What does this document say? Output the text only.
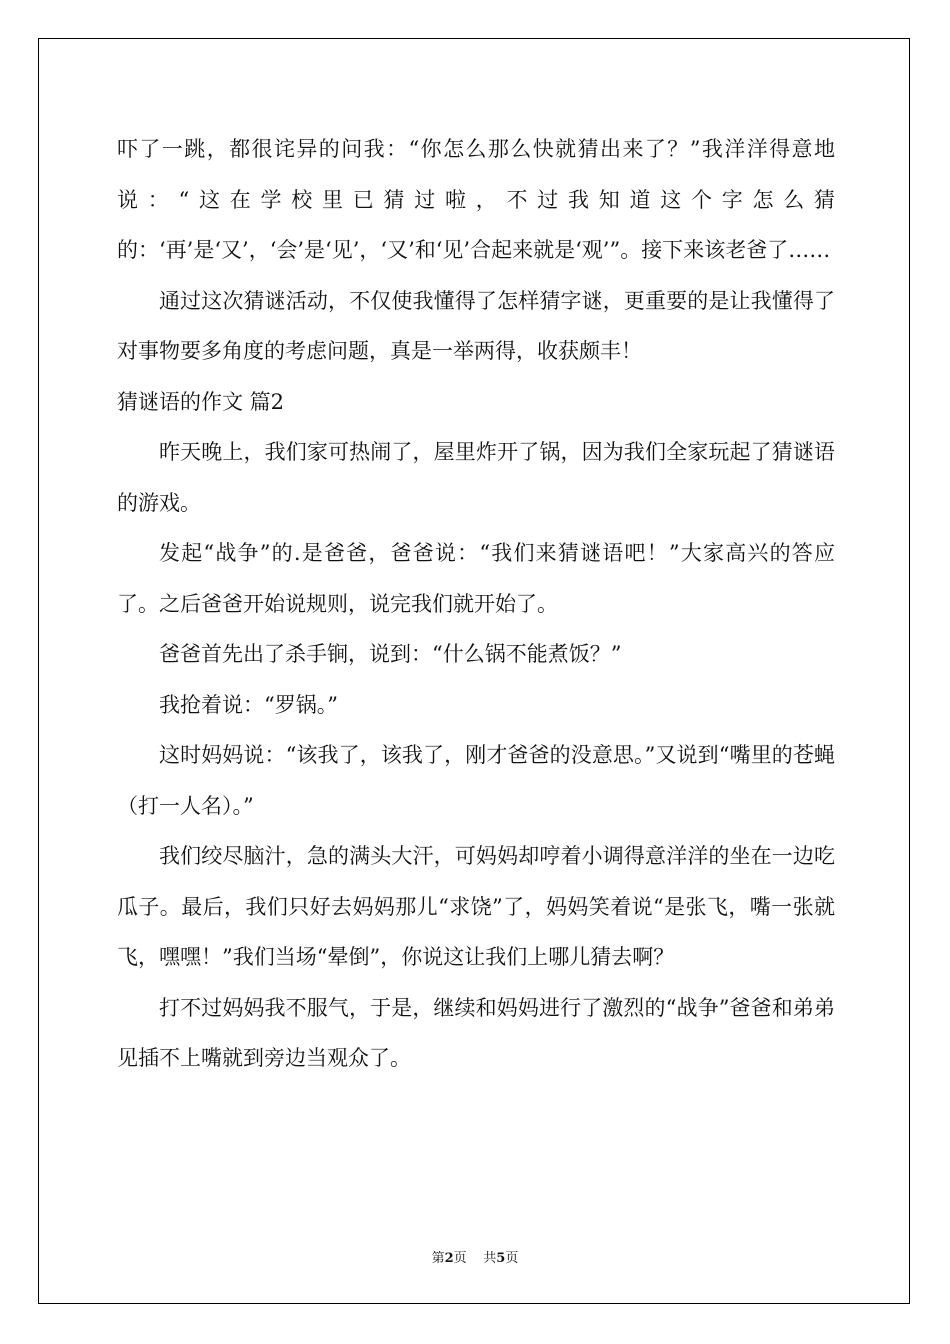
吓了一跳，都很诧异的问我：“你怎么那么快就猜出来了？”我洋洋得意地说：“这在学校里已猜过啦，不过我知道这个字怎么猜的：‘再’是‘又’，‘会’是‘见’，‘又’和‘见’合起来就是‘观’”。接下来该老爸了……

通过这次猜谜活动，不仅使我懂得了怎样猜字谜，更重要的是让我懂得了对事物要多角度的考虑问题，真是一举两得，收获颇丰！

猜谜语的作文 篇2

昨天晚上，我们家可热闹了，屋里炸开了锅，因为我们全家玩起了猜谜语的游戏。

发起“战争”的.是爸爸，爸爸说：“我们来猜谜语吧！”大家高兴的答应了。之后爸爸开始说规则，说完我们就开始了。

爸爸首先出了杀手锏，说到：“什么锅不能煮饭？”

我抢着说：“罗锅。”

这时妈妈说：“该我了，该我了，刚才爸爸的没意思。”又说到“嘴里的苍蝇（打一人名）。”

我们绞尽脑汁，急的满头大汗，可妈妈却哼着小调得意洋洋的坐在一边吃瓜子。最后，我们只好去妈妈那儿“求饶”了，妈妈笑着说“是张飞，嘴一张就飞，嘿嘿！”我们当场“晕倒”，你说这让我们上哪儿猜去啊？

打不过妈妈我不服气，于是，继续和妈妈进行了激烈的“战争”爸爸和弟弟见插不上嘴就到旁边当观众了。

第2页 共5页
